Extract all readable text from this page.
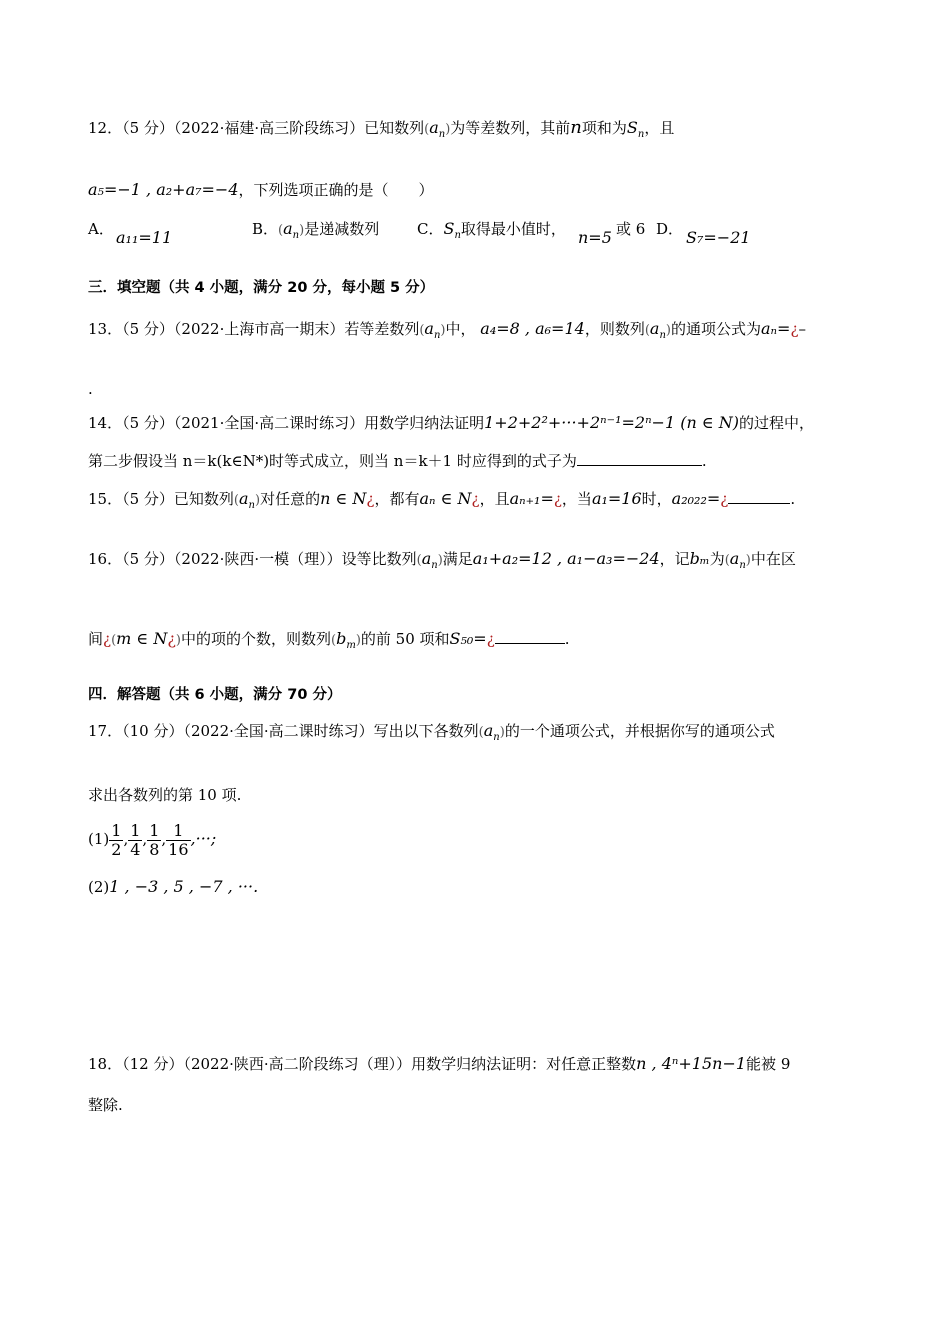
12．（5 分）（2022·福建·高三阶段练习）已知数列$(a_n)$为等差数列，其前n项和为$S_n$，且
a₅=−1 , a₂+a₇=−4，下列选项正确的是（　　）
A． a₁₁=11	B．$(a_n)$是递减数列	C．$S_n$取得最小值时， n=5 或 6 D． S₇=−21
三．填空题（共 4 小题，满分 20 分，每小题 5 分）
13．（5 分）（2022·上海市高一期末）若等差数列$(a_n)$中， a₄=8 , a₆=14，则数列$(a_n)$的通项公式为aₙ=¿–
.
14．（5 分）（2021·全国·高二课时练习）用数学归纳法证明1+2+2²+···+2ⁿ⁻¹=2ⁿ−1 (n ∈ N)的过程中，
第二步假设当 n＝k(k∈N*)时等式成立，则当 n＝k＋1 时应得到的式子为	.
15．（5 分）已知数列$(a_n)$对任意的n ∈ N¿，都有aₙ ∈ N¿，且aₙ₊₁=¿，当a₁=16时，a₂₀₂₂=¿	.
16．（5 分）（2022·陕西·一模（理））设等比数列$(a_n)$满足a₁+a₂=12 , a₁−a₃=−24，记bₘ为$(a_n)$中在区
间¿(m ∈ N¿)中的项的个数，则数列$(b_m)$的前 50 项和S₅₀=¿	.
四．解答题（共 6 小题，满分 70 分）
17．（10 分）（2022·全国·高二课时练习）写出以下各数列$(a_n)$的一个通项公式，并根据你写的通项公式
求出各数列的第 10 项.
$(1) \frac{1}{2}$ , $\frac{1}{4}$ , $\frac{1}{8}$ , $\frac{1}{16}$ ,···;
(2)1 , −3 , 5 , −7 , ···.
18．（12 分）（2022·陕西·高二阶段练习（理））用数学归纳法证明：对任意正整数n , 4ⁿ+15n−1能被 9
整除.
